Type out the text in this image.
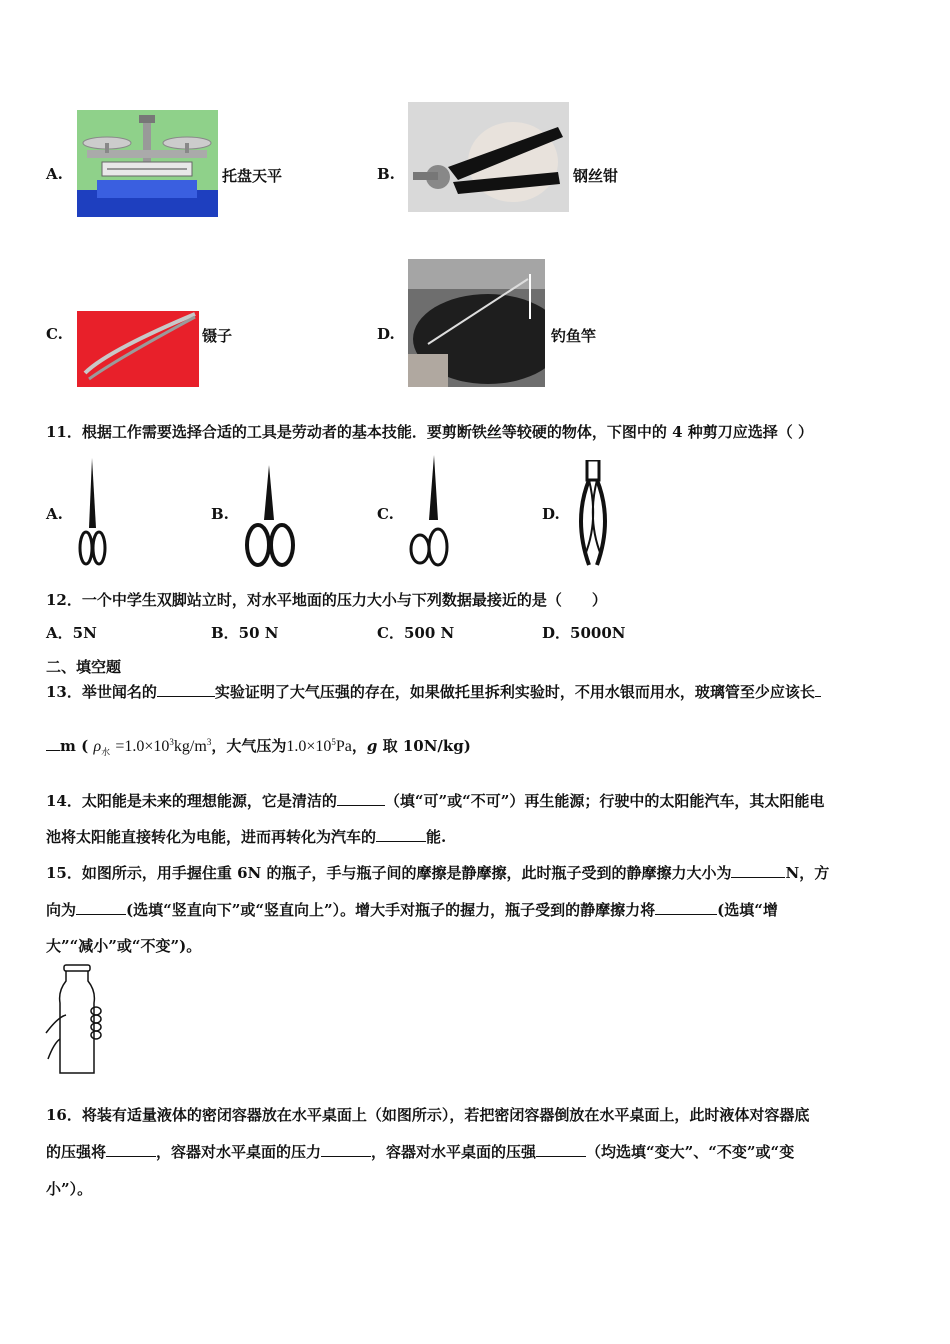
A.	托盘天平	B.	钢丝钳
C.	镊子	D.	钓鱼竿
11．根据工作需要选择合适的工具是劳动者的基本技能．要剪断铁丝等较硬的物体，下图中的 4 种剪刀应选择（ ）
A.	B.	C.	D.
12．一个中学生双脚站立时，对水平地面的压力大小与下列数据最接近的是（　　）
A．5N	B．50 N	C．500 N	D．5000N
二、填空题
13．举世闻名的	实验证明了大气压强的存在，如果做托里拆利实验时，不用水银而用水，玻璃管至少应该长
m ( $\rho_水 =1.0\times 10^3kg/m^3$，大气压为$1.0\times 10^5Pa$，g 取 10N/kg)
14．太阳能是未来的理想能源，它是清洁的	（填“可”或“不可”）再生能源；行驶中的太阳能汽车，其太阳能电
池将太阳能直接转化为电能，进而再转化为汽车的	能.
15．如图所示，用手握住重 6N 的瓶子，手与瓶子间的摩擦是静摩擦，此时瓶子受到的静摩擦力大小为	N，方
向为	(选填“竖直向下”或“竖直向上”）。增大手对瓶子的握力，瓶子受到的静摩擦力将	(选填“增
大”“减小”或“不变”)。
16．将装有适量液体的密闭容器放在水平桌面上（如图所示），若把密闭容器倒放在水平桌面上，此时液体对容器底
的压强将	，容器对水平桌面的压力	，容器对水平桌面的压强	（均选填“变大”、“不变”或“变
小”）。
